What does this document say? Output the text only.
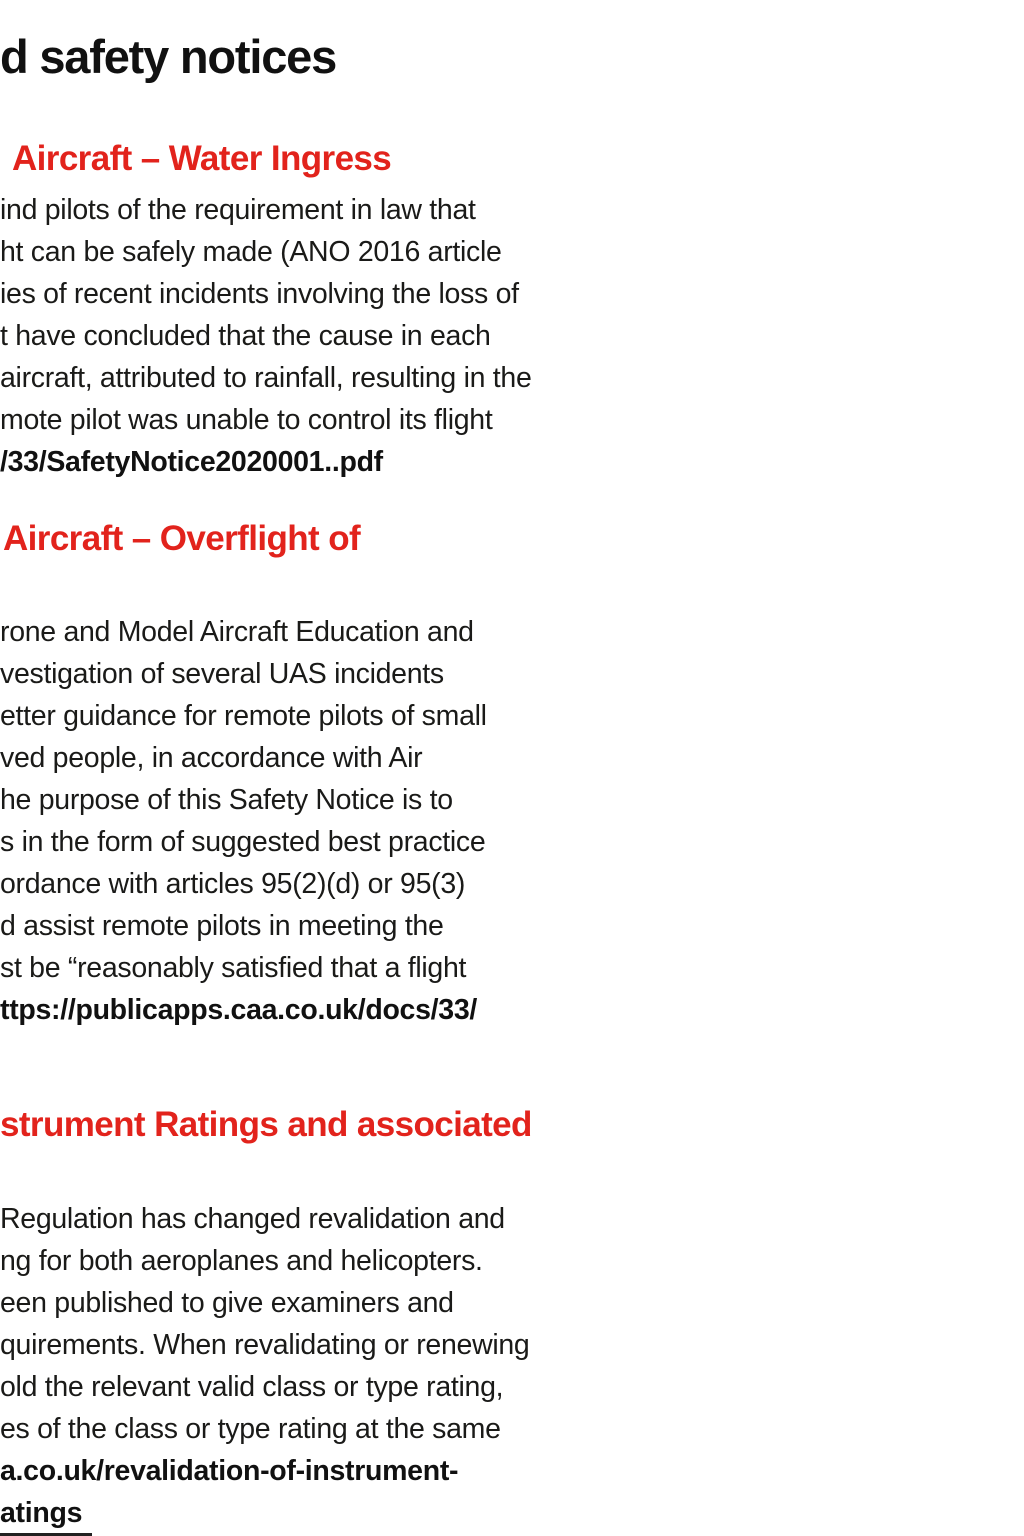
d safety notices
Aircraft – Water Ingress
ind pilots of the requirement in law that
ht can be safely made (ANO 2016 article
ies of recent incidents involving the loss of
t have concluded that the cause in each
aircraft, attributed to rainfall, resulting in the
mote pilot was unable to control its flight
/33/SafetyNotice2020001..pdf
Aircraft – Overflight of
rone and Model Aircraft Education and
vestigation of several UAS incidents
etter guidance for remote pilots of small
ved people, in accordance with Air
he purpose of this Safety Notice is to
s in the form of suggested best practice
ordance with articles 95(2)(d) or 95(3)
d assist remote pilots in meeting the
st be “reasonably satisfied that a flight
ttps://publicapps.caa.co.uk/docs/33/
strument Ratings and associated
Regulation has changed revalidation and
ng for both aeroplanes and helicopters.
een published to give examiners and
quirements. When revalidating or renewing
old the relevant valid class or type rating,
es of the class or type rating at the same
a.co.uk/revalidation-of-instrument-
atings
